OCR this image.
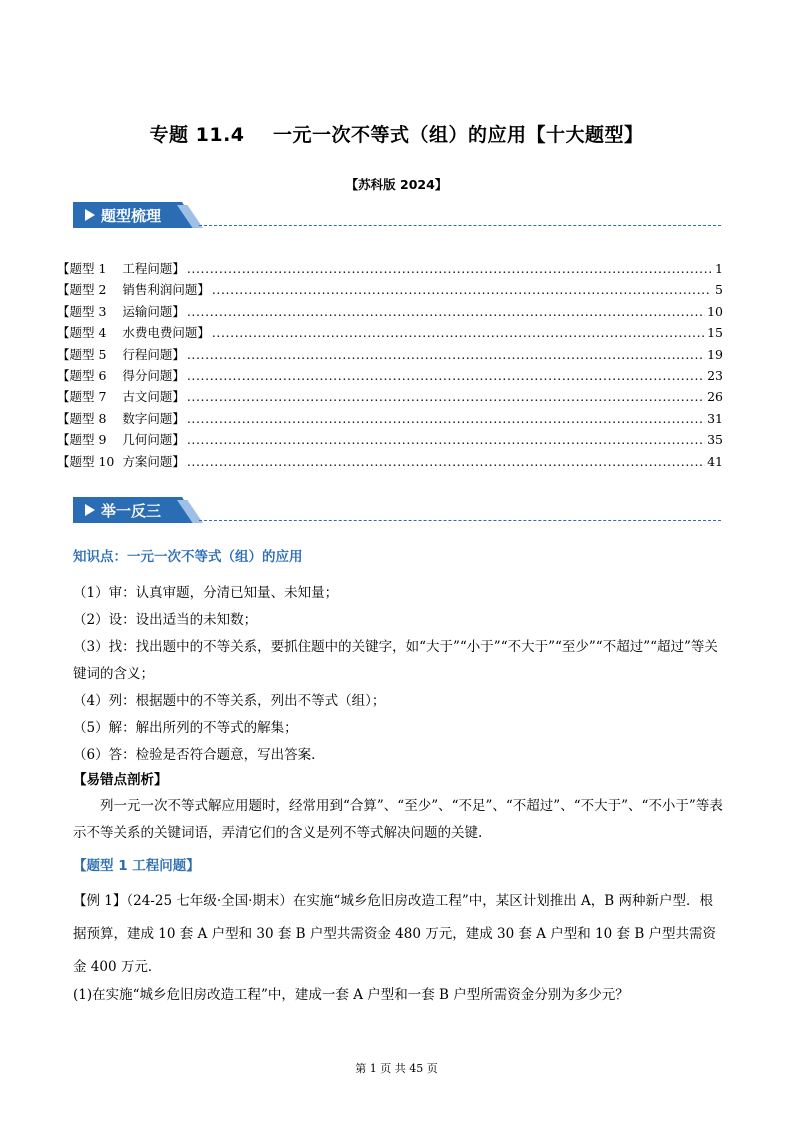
专题 11.4    一元一次不等式（组）的应用【十大题型】
【苏科版 2024】
题型梳理
【题型 1    工程问题】 .....	1
【题型 2    销售利润问题】 .....	5
【题型 3    运输问题】 .....	10
【题型 4    水费电费问题】 .....	15
【题型 5    行程问题】 .....	19
【题型 6    得分问题】 .....	23
【题型 7    古文问题】 .....	26
【题型 8    数字问题】 .....	31
【题型 9    几何问题】 .....	35
【题型 10  方案问题】 .....	41
举一反三
知识点：一元一次不等式（组）的应用
（1）审：认真审题，分清已知量、未知量；
（2）设：设出适当的未知数；
（3）找：找出题中的不等关系，要抓住题中的关键字，如“大于”“小于”“不大于”“至少”“不超过”“超过”等关键词的含义；
（4）列：根据题中的不等关系，列出不等式（组）；
（5）解：解出所列的不等式的解集；
（6）答：检验是否符合题意，写出答案.
【易错点剖析】
列一元一次不等式解应用题时，经常用到“合算”、“至少”、“不足”、“不超过”、“不大于”、“不小于”等表示不等关系的关键词语，弄清它们的含义是列不等式解决问题的关键.
【题型 1 工程问题】
【例 1】（24-25 七年级·全国·期末）在实施“城乡危旧房改造工程”中，某区计划推出 A，B 两种新户型．根据预算，建成 10 套 A 户型和 30 套 B 户型共需资金 480 万元，建成 30 套 A 户型和 10 套 B 户型共需资金 400 万元．
(1)在实施“城乡危旧房改造工程”中，建成一套 A 户型和一套 B 户型所需资金分别为多少元？
第 1 页 共 45 页
